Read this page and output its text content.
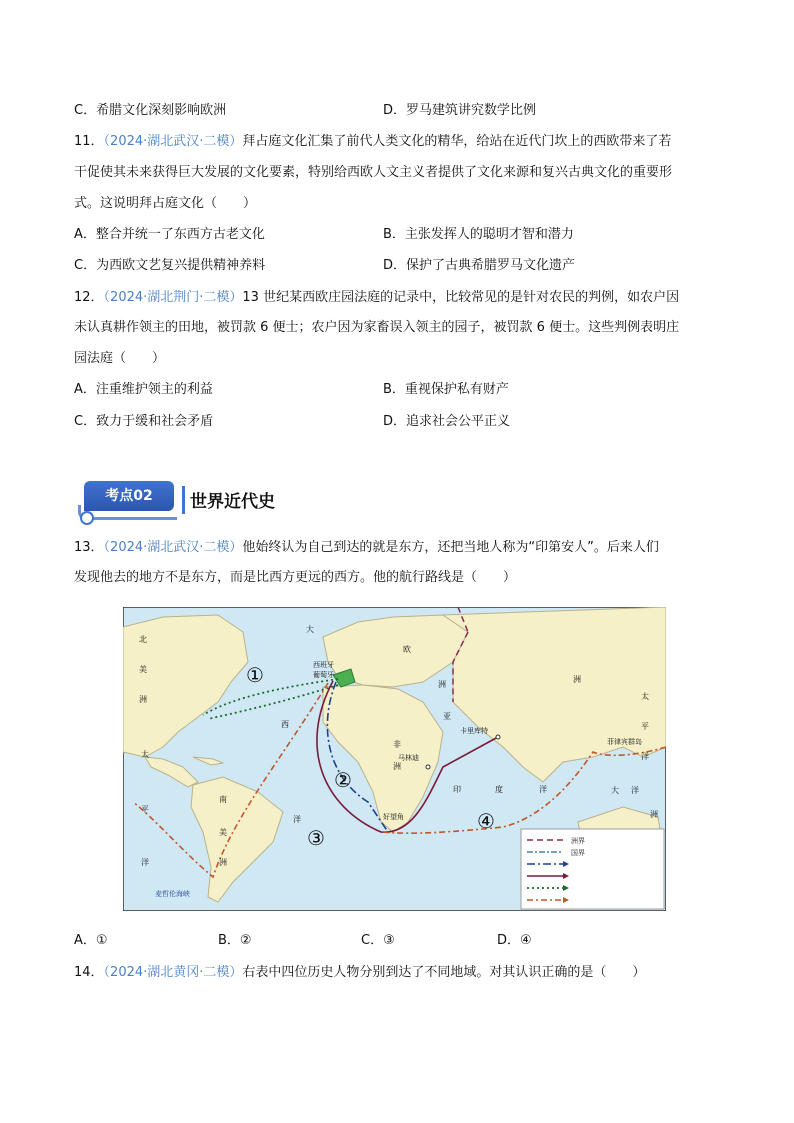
C．希腊文化深刻影响欧洲	D．罗马建筑讲究数学比例
11．（2024·湖北武汉·二模）拜占庭文化汇集了前代人类文化的精华，给站在近代门坎上的西欧带来了若
干促使其未来获得巨大发展的文化要素，特别给西欧人文主义者提供了文化来源和复兴古典文化的重要形
式。这说明拜占庭文化（　　）
A．整合并统一了东西方古老文化	B．主张发挥人的聪明才智和潜力
C．为西欧文艺复兴提供精神养料	D．保护了古典希腊罗马文化遗产
12．（2024·湖北荆门·二模）13 世纪某西欧庄园法庭的记录中，比较常见的是针对农民的判例，如农户因
未认真耕作领主的田地，被罚款 6 便士；农户因为家畜误入领主的园子，被罚款 6 便士。这些判例表明庄
园法庭（　　）
A．注重维护领主的利益	B．重视保护私有财产
C．致力于缓和社会矛盾	D．追求社会公平正义
考点02	世界近代史
13．（2024·湖北武汉·二模）他始终认为自己到达的就是东方，还把当地人称为“印第安人”。后来人们
发现他去的地方不是东方，而是比西方更远的西方。他的航行路线是（　　）
北
美
洲
大
西
洋
欧
洲
亚
洲
非
洲
太
平
洋
太
平
洋
南
美
洲
印	度	洋	大 洋
洲
西班牙
葡萄牙
卡里库特
马林迪
好望角
菲律宾群岛
麦哲伦海峡
①
②
③
④
洲界
国界
A．①	B．②	C．③	D．④
14．（2024·湖北黄冈·二模）右表中四位历史人物分别到达了不同地域。对其认识正确的是（　　）
